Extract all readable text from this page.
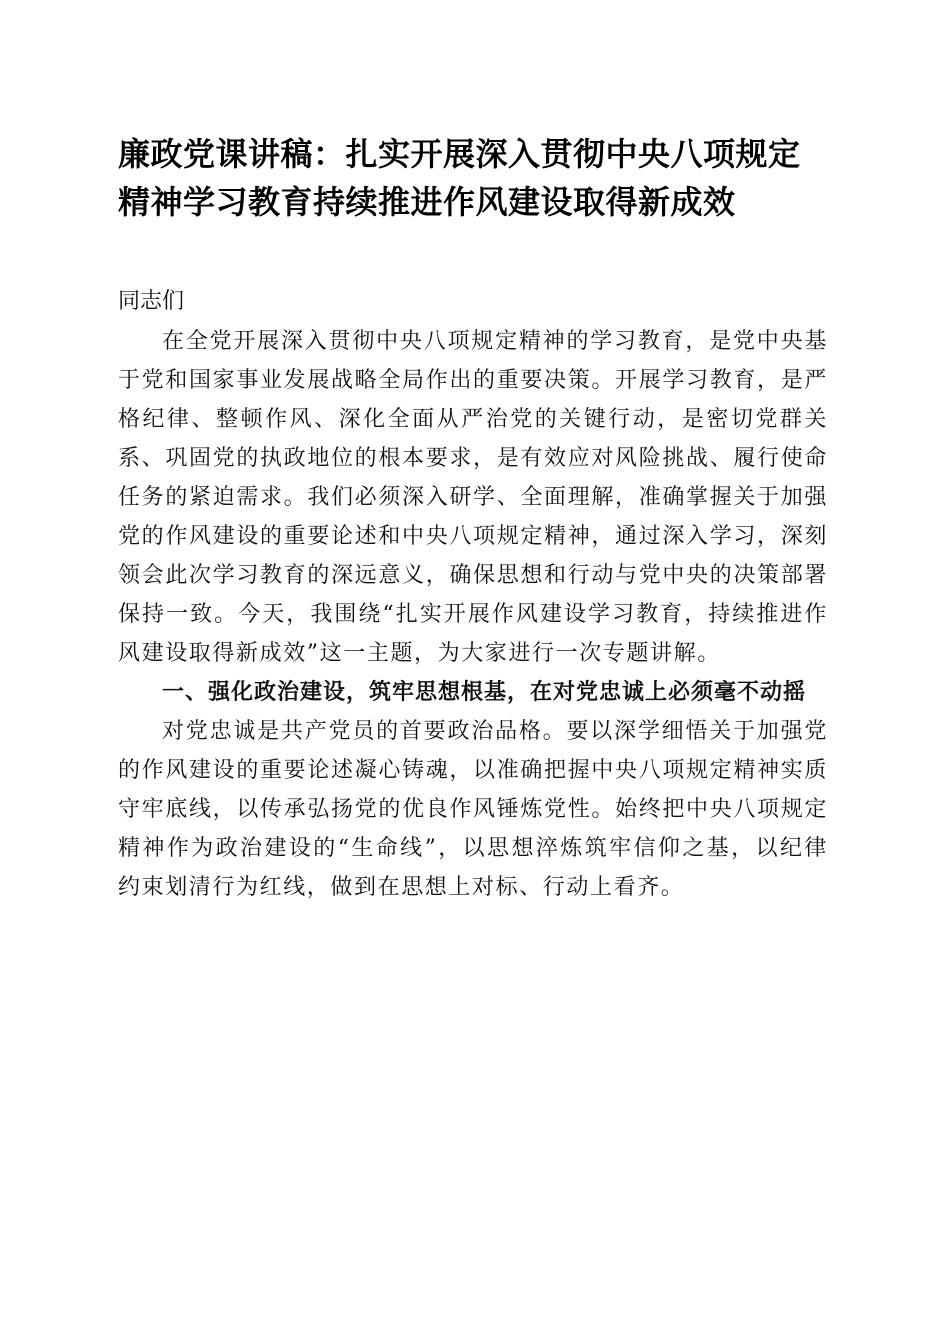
廉政党课讲稿：扎实开展深入贯彻中央八项规定精神学习教育持续推进作风建设取得新成效

同志们

在全党开展深入贯彻中央八项规定精神的学习教育，是党中央基于党和国家事业发展战略全局作出的重要决策。开展学习教育，是严格纪律、整顿作风、深化全面从严治党的关键行动，是密切党群关系、巩固党的执政地位的根本要求，是有效应对风险挑战、履行使命任务的紧迫需求。我们必须深入研学、全面理解，准确掌握关于加强党的作风建设的重要论述和中央八项规定精神，通过深入学习，深刻领会此次学习教育的深远意义，确保思想和行动与党中央的决策部署保持一致。今天，我围绕“扎实开展作风建设学习教育，持续推进作风建设取得新成效”这一主题，为大家进行一次专题讲解。

一、强化政治建设，筑牢思想根基，在对党忠诚上必须毫不动摇

对党忠诚是共产党员的首要政治品格。要以深学细悟关于加强党的作风建设的重要论述凝心铸魂，以准确把握中央八项规定精神实质守牢底线，以传承弘扬党的优良作风锤炼党性。始终把中央八项规定精神作为政治建设的“生命线”，以思想淬炼筑牢信仰之基，以纪律约束划清行为红线，做到在思想上对标、行动上看齐。
